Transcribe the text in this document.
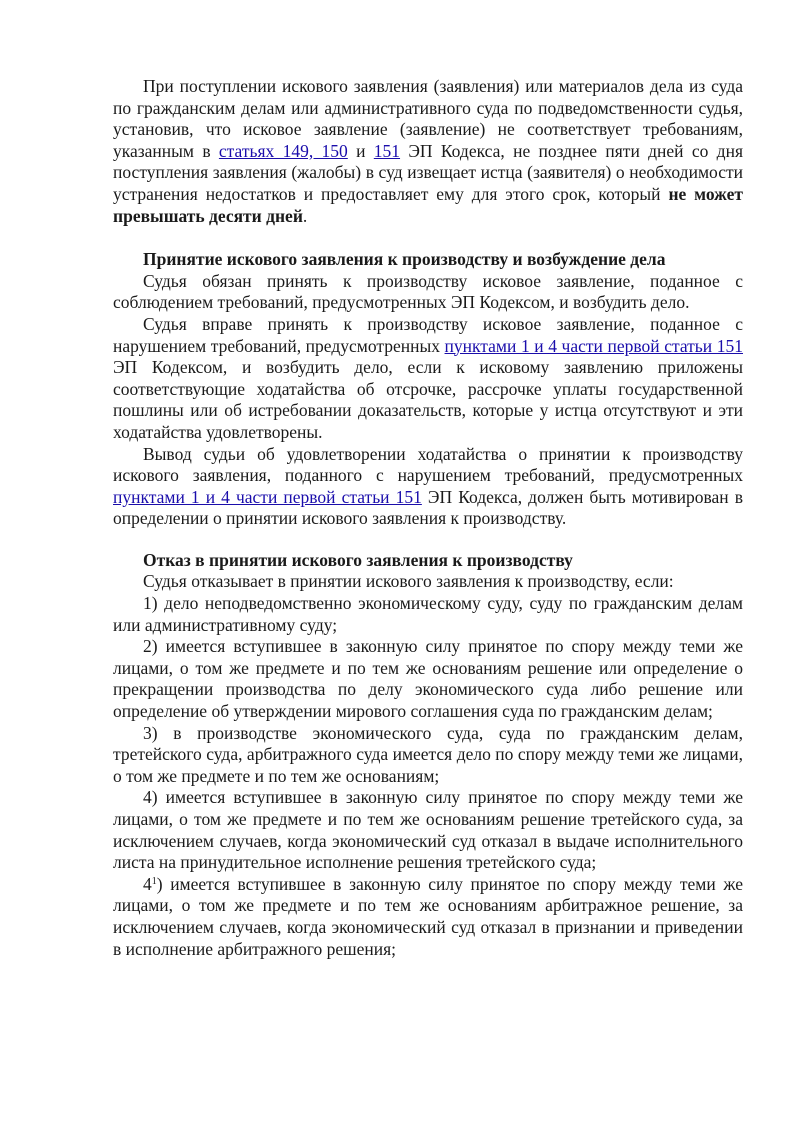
При поступлении искового заявления (заявления) или материалов дела из суда по гражданским делам или административного суда по подведомственности судья, установив, что исковое заявление (заявление) не соответствует требованиям, указанным в статьях 149, 150 и 151 ЭП Кодекса, не позднее пяти дней со дня поступления заявления (жалобы) в суд извещает истца (заявителя) о необходимости устранения недостатков и предоставляет ему для этого срок, который не может превышать десяти дней.

Принятие искового заявления к производству и возбуждение дела

Судья обязан принять к производству исковое заявление, поданное с соблюдением требований, предусмотренных ЭП Кодексом, и возбудить дело.

Судья вправе принять к производству исковое заявление, поданное с нарушением требований, предусмотренных пунктами 1 и 4 части первой статьи 151 ЭП Кодексом, и возбудить дело, если к исковому заявлению приложены соответствующие ходатайства об отсрочке, рассрочке уплаты государственной пошлины или об истребовании доказательств, которые у истца отсутствуют и эти ходатайства удовлетворены.

Вывод судьи об удовлетворении ходатайства о принятии к производству искового заявления, поданного с нарушением требований, предусмотренных пунктами 1 и 4 части первой статьи 151 ЭП Кодекса, должен быть мотивирован в определении о принятии искового заявления к производству.

Отказ в принятии искового заявления к производству

Судья отказывает в принятии искового заявления к производству, если:

1) дело неподведомственно экономическому суду, суду по гражданским делам или административному суду;

2) имеется вступившее в законную силу принятое по спору между теми же лицами, о том же предмете и по тем же основаниям решение или определение о прекращении производства по делу экономического суда либо решение или определение об утверждении мирового соглашения суда по гражданским делам;

3) в производстве экономического суда, суда по гражданским делам, третейского суда, арбитражного суда имеется дело по спору между теми же лицами, о том же предмете и по тем же основаниям;

4) имеется вступившее в законную силу принятое по спору между теми же лицами, о том же предмете и по тем же основаниям решение третейского суда, за исключением случаев, когда экономический суд отказал в выдаче исполнительного листа на принудительное исполнение решения третейского суда;

$4^1$) имеется вступившее в законную силу принятое по спору между теми же лицами, о том же предмете и по тем же основаниям арбитражное решение, за исключением случаев, когда экономический суд отказал в признании и приведении в исполнение арбитражного решения;
